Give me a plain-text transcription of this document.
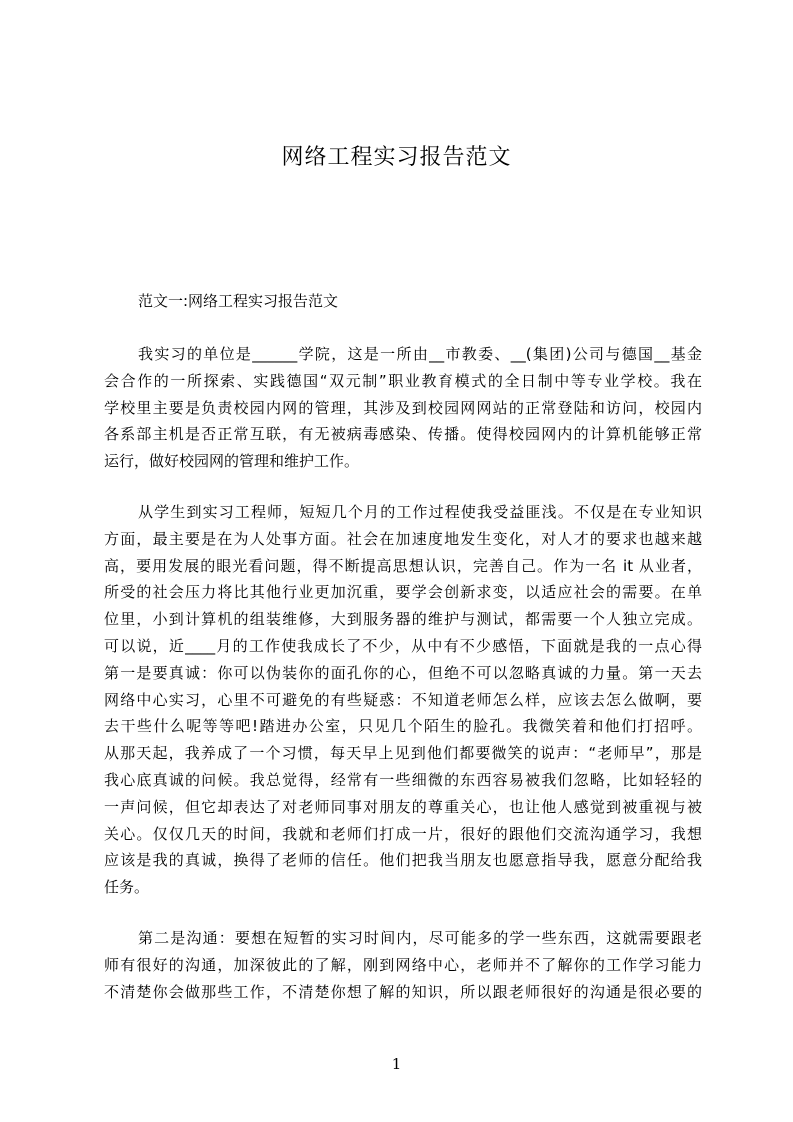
网络工程实习报告范文
范文一:网络工程实习报告范文
我实习的单位是______学院，这是一所由__市教委、__(集团)公司与德国__基金
会合作的一所探索、实践德国“双元制”职业教育模式的全日制中等专业学校。我在
学校里主要是负责校园内网的管理，其涉及到校园网网站的正常登陆和访问，校园内
各系部主机是否正常互联，有无被病毒感染、传播。使得校园网内的计算机能够正常
运行，做好校园网的管理和维护工作。
从学生到实习工程师，短短几个月的工作过程使我受益匪浅。不仅是在专业知识
方面，最主要是在为人处事方面。社会在加速度地发生变化，对人才的要求也越来越
高，要用发展的眼光看问题，得不断提高思想认识，完善自己。作为一名 it 从业者，
所受的社会压力将比其他行业更加沉重，要学会创新求变，以适应社会的需要。在单
位里，小到计算机的组装维修，大到服务器的维护与测试，都需要一个人独立完成。
可以说，近____月的工作使我成长了不少，从中有不少感悟，下面就是我的一点心得
第一是要真诚：你可以伪装你的面孔你的心，但绝不可以忽略真诚的力量。第一天去
网络中心实习，心里不可避免的有些疑惑：不知道老师怎么样，应该去怎么做啊，要
去干些什么呢等等吧!踏进办公室，只见几个陌生的脸孔。我微笑着和他们打招呼。
从那天起，我养成了一个习惯，每天早上见到他们都要微笑的说声：“老师早”，那是
我心底真诚的问候。我总觉得，经常有一些细微的东西容易被我们忽略，比如轻轻的
一声问候，但它却表达了对老师同事对朋友的尊重关心，也让他人感觉到被重视与被
关心。仅仅几天的时间，我就和老师们打成一片，很好的跟他们交流沟通学习，我想
应该是我的真诚，换得了老师的信任。他们把我当朋友也愿意指导我，愿意分配给我
任务。
第二是沟通：要想在短暂的实习时间内，尽可能多的学一些东西，这就需要跟老
师有很好的沟通，加深彼此的了解，刚到网络中心，老师并不了解你的工作学习能力
不清楚你会做那些工作，不清楚你想了解的知识，所以跟老师很好的沟通是很必要的
1
